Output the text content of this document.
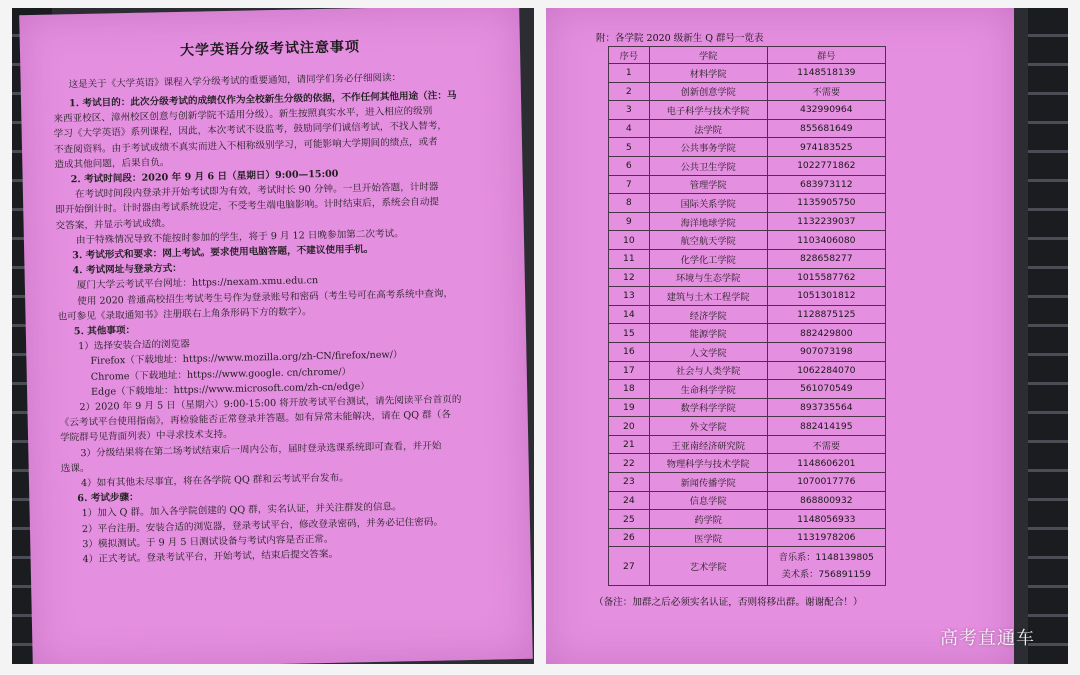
大学英语分级考试注意事项
这是关于《大学英语》课程入学分级考试的重要通知，请同学们务必仔细阅读：

1. 考试目的：此次分级考试的成绩仅作为全校新生分级的依据，不作任何其他用途（注：马

来西亚校区、漳州校区创意与创新学院不适用分级）。新生按照真实水平，进入相应的级别

学习《大学英语》系列课程，因此，本次考试不设监考，鼓励同学们诚信考试，不找人替考，

不查阅资料。由于考试成绩不真实而进入不相称级别学习，可能影响大学期间的绩点，或者

造成其他问题，后果自负。

2. 考试时间段：2020 年 9 月 6 日（星期日）9:00—15:00

在考试时间段内登录并开始考试即为有效，考试时长 90 分钟。一旦开始答题，计时器

即开始倒计时。计时器由考试系统设定，不受考生端电脑影响。计时结束后，系统会自动提

交答案，并显示考试成绩。

由于特殊情况导致不能按时参加的学生，将于 9 月 12 日晚参加第二次考试。

3. 考试形式和要求：网上考试。要求使用电脑答题，不建议使用手机。

4. 考试网址与登录方式：

厦门大学云考试平台网址：https://nexam.xmu.edu.cn

使用 2020 普通高校招生考试考生号作为登录账号和密码（考生号可在高考系统中查询，

也可参见《录取通知书》注册联右上角条形码下方的数字）。

5. 其他事项：

1）选择安装合适的浏览器

Firefox（下载地址：https://www.mozilla.org/zh-CN/firefox/new/）

Chrome（下载地址：https://www.google. cn/chrome/）

Edge（下载地址：https://www.microsoft.com/zh-cn/edge）

2）2020 年 9 月 5 日（星期六）9:00-15:00 将开放考试平台测试，请先阅读平台首页的

《云考试平台使用指南》，再检验能否正常登录并答题。如有异常未能解决，请在 QQ 群（各

学院群号见背面列表）中寻求技术支持。

3）分级结果将在第二场考试结束后一周内公布，届时登录选课系统即可查看，并开始

选课。

4）如有其他未尽事宜，将在各学院 QQ 群和云考试平台发布。

6. 考试步骤：

1）加入 Q 群。加入各学院创建的 QQ 群，实名认证，并关注群发的信息。

2）平台注册。安装合适的浏览器，登录考试平台，修改登录密码，并务必记住密码。

3）模拟测试。于 9 月 5 日测试设备与考试内容是否正常。

4）正式考试。登录考试平台，开始考试，结束后提交答案。

附：各学院 2020 级新生 Q 群号一览表
序号	学院	群号
1	材料学院	1148518139
2	创新创意学院	不需要
3	电子科学与技术学院	432990964
4	法学院	855681649
5	公共事务学院	974183525
6	公共卫生学院	1022771862
7	管理学院	683973112
8	国际关系学院	1135905750
9	海洋地球学院	1132239037
10	航空航天学院	1103406080
11	化学化工学院	828658277
12	环境与生态学院	1015587762
13	建筑与土木工程学院	1051301812
14	经济学院	1128875125
15	能源学院	882429800
16	人文学院	907073198
17	社会与人类学院	1062284070
18	生命科学学院	561070549
19	数学科学学院	893735564
20	外文学院	882414195
21	王亚南经济研究院	不需要
22	物理科学与技术学院	1148606201
23	新闻传播学院	1070017776
24	信息学院	868800932
25	药学院	1148056933
26	医学院	1131978206
27	艺术学院	音乐系：1148139805
美术系：756891159
（备注：加群之后必须实名认证，否则将移出群。谢谢配合！）
高考直通车
